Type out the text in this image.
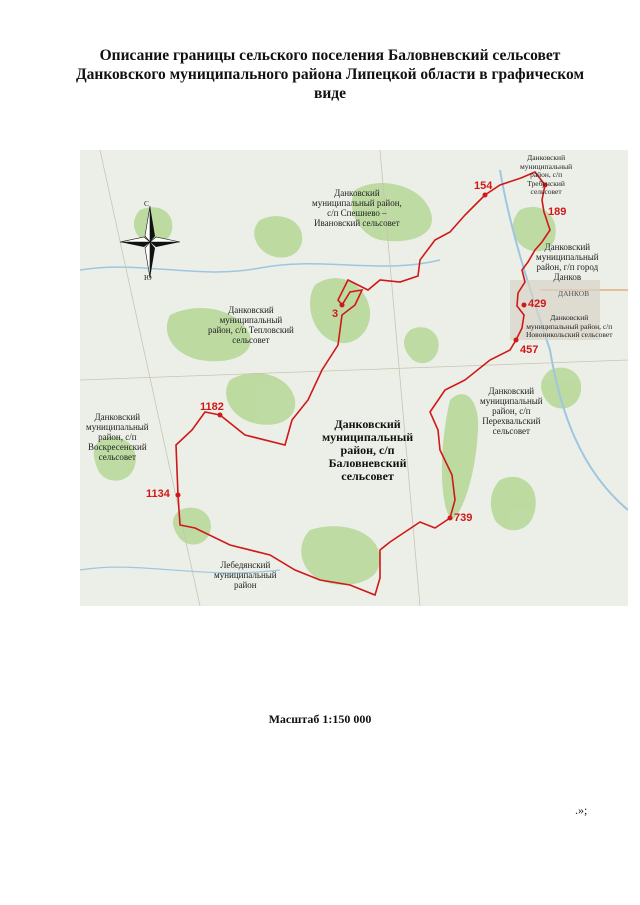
Описание границы сельского поселения Баловневский сельсовет
Данковского муниципального района Липецкой области в графическом
виде
С
Ю
Данковский
муниципальный район,
с/п Спешнево –
Ивановский сельсовет
Данковский
муниципальный
район, с/п
Требунский
сельсовет
Данковский
муниципальный
район, г/п город
Данков
Данковский
муниципальный район, с/п
Новоникольский сельсовет
Данковский
муниципальный
район, с/п Тепловский
сельсовет
Данковский
муниципальный
район, с/п
Перехвальский
сельсовет
Данковский
муниципальный
район, с/п
Воскресенский
сельсовет
Лебедянский
муниципальный
район
Данковский
муниципальный
район, с/п
Баловневский
сельсовет
ДАНКОВ
154
189
429
457
3
1182
1134
739
Масштаб 1:150 000
.»;
